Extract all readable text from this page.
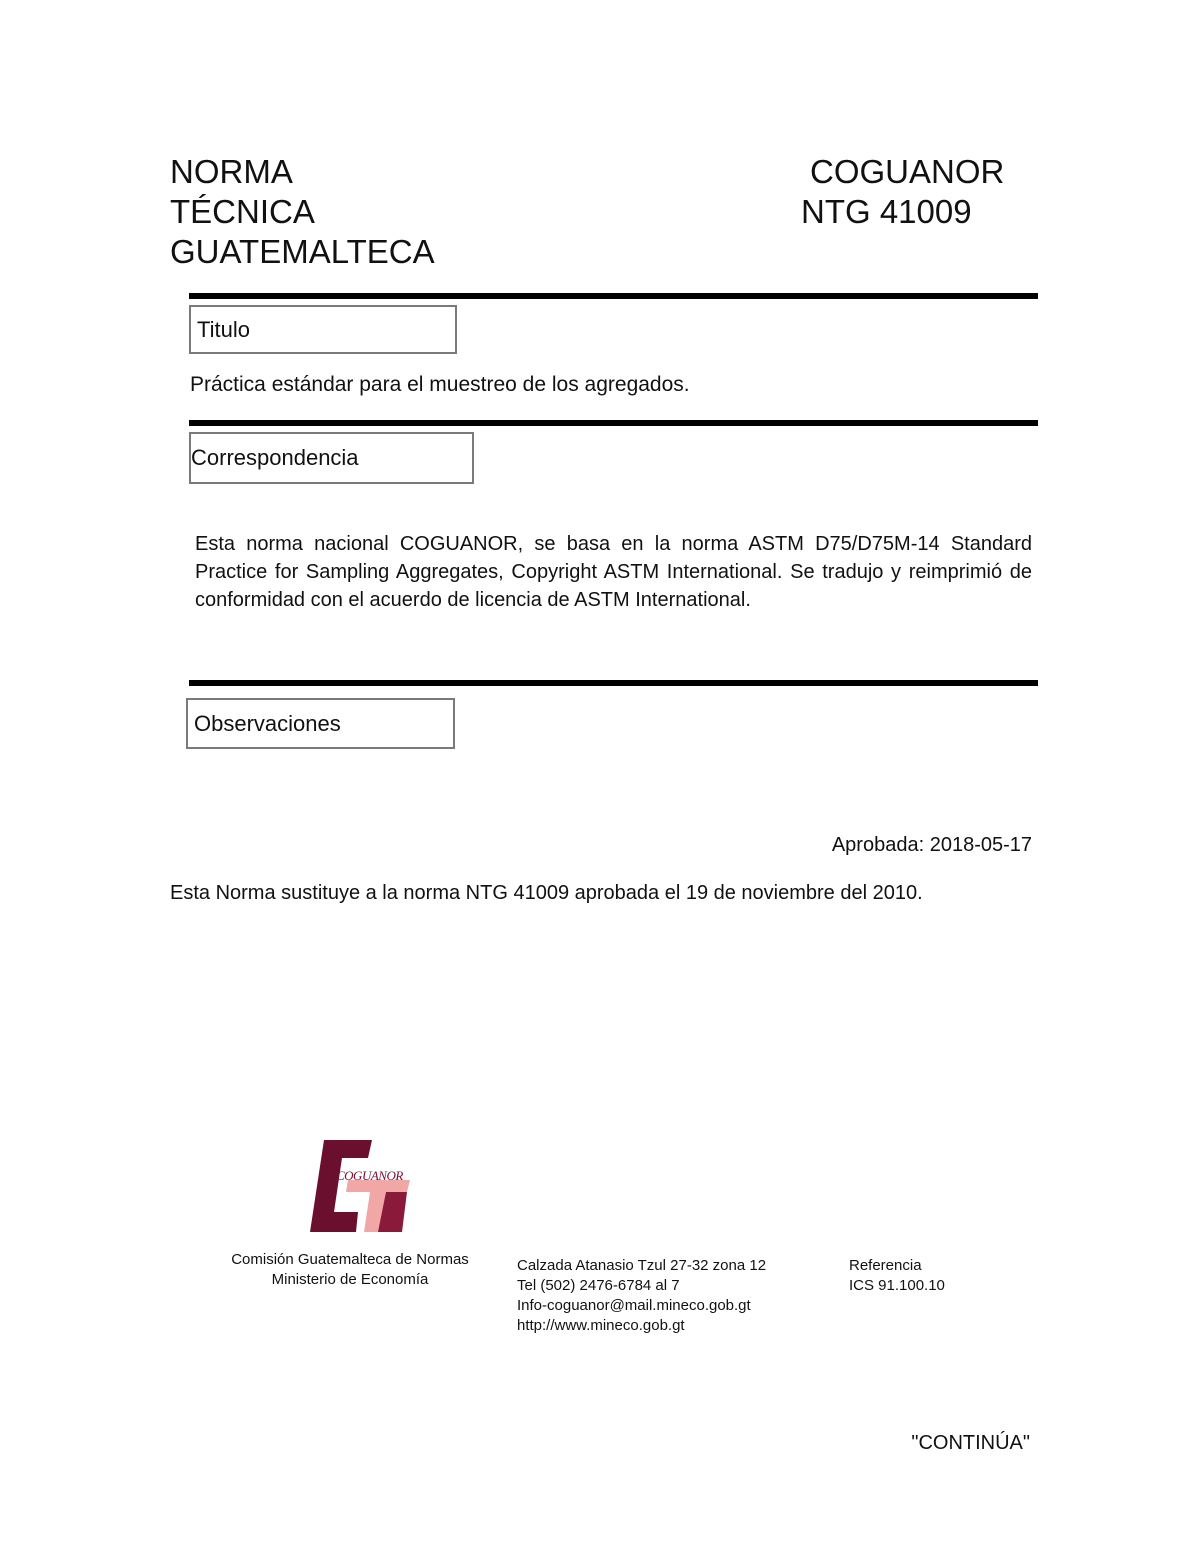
NORMA
TÉCNICA
GUATEMALTECA
COGUANOR
NTG 41009
Titulo
Práctica estándar para el muestreo de los agregados.
Correspondencia
Esta norma nacional COGUANOR, se basa en la norma ASTM D75/D75M-14 Standard Practice for Sampling Aggregates, Copyright ASTM International. Se tradujo y reimprimió de conformidad con el acuerdo de licencia de ASTM International.
Observaciones
Aprobada: 2018-05-17
Esta Norma sustituye a la norma NTG 41009 aprobada el 19 de noviembre del 2010.
COGUANOR
Comisión Guatemalteca de Normas
Ministerio de Economía
Calzada Atanasio Tzul 27-32 zona 12
Tel (502) 2476-6784 al 7
Info-coguanor@mail.mineco.gob.gt
http://www.mineco.gob.gt
Referencia
ICS 91.100.10
"CONTINÚA"
